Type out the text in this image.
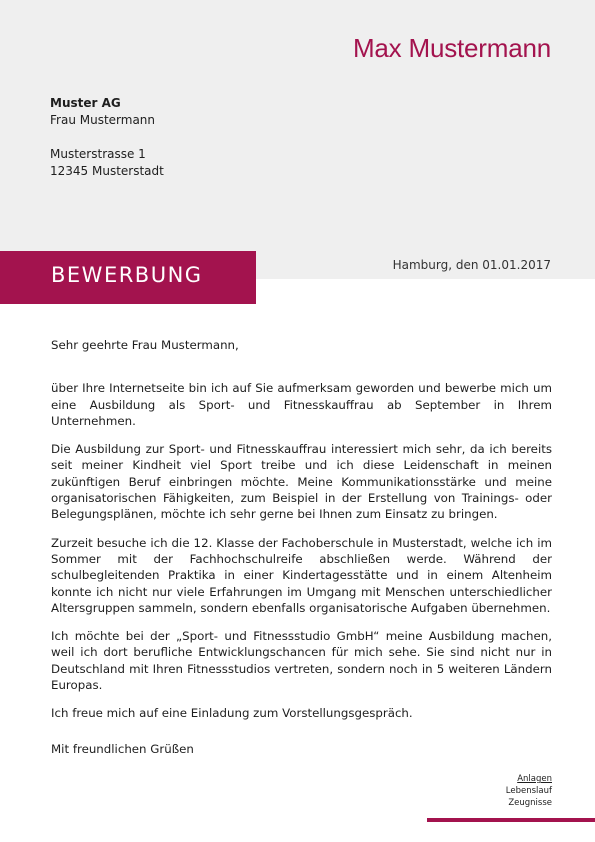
Max Mustermann
Muster AG
Frau Mustermann
Musterstrasse 1
12345 Musterstadt
BEWERBUNG	Hamburg, den 01.01.2017

Sehr geehrte Frau Mustermann,

über Ihre Internetseite bin ich auf Sie aufmerksam geworden und bewerbe mich um eine Ausbildung als Sport- und Fitnesskauffrau ab September in Ihrem Unternehmen.

Die Ausbildung zur Sport- und Fitnesskauffrau interessiert mich sehr, da ich bereits seit meiner Kindheit viel Sport treibe und ich diese Leidenschaft in meinen zukünftigen Beruf einbringen möchte. Meine Kommunikationsstärke und meine organisatorischen Fähigkeiten, zum Beispiel in der Erstellung von Trainings- oder Belegungsplänen, möchte ich sehr gerne bei Ihnen zum Einsatz zu bringen.

Zurzeit besuche ich die 12. Klasse der Fachoberschule in Musterstadt, welche ich im Sommer mit der Fachhochschulreife abschließen werde. Während der schulbegleitenden Praktika in einer Kindertagesstätte und in einem Altenheim konnte ich nicht nur viele Erfahrungen im Umgang mit Menschen unterschiedlicher Altersgruppen sammeln, sondern ebenfalls organisatorische Aufgaben übernehmen.

Ich möchte bei der „Sport- und Fitnessstudio GmbH“ meine Ausbildung machen, weil ich dort berufliche Entwicklungschancen für mich sehe. Sie sind nicht nur in Deutschland mit Ihren Fitnessstudios vertreten, sondern noch in 5 weiteren Ländern Europas.

Ich freue mich auf eine Einladung zum Vorstellungsgespräch.

Mit freundlichen Grüßen

Anlagen
Lebenslauf
Zeugnisse
